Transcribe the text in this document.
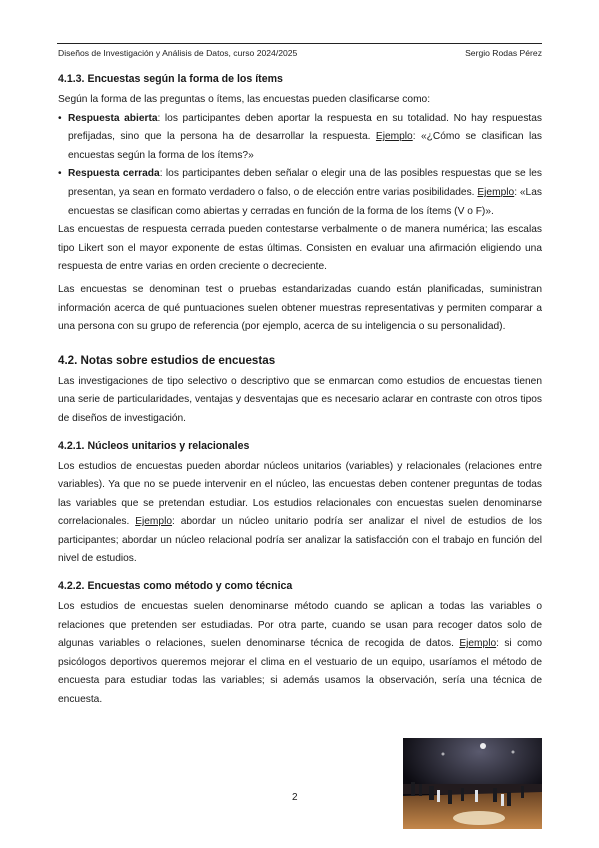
Diseños de Investigación y Análisis de Datos, curso 2024/2025	Sergio Rodas Pérez
4.1.3. Encuestas según la forma de los ítems

Según la forma de las preguntas o ítems, las encuestas pueden clasificarse como:

• Respuesta abierta: los participantes deben aportar la respuesta en su totalidad. No hay respuestas prefijadas, sino que la persona ha de desarrollar la respuesta. Ejemplo: «¿Cómo se clasifican las encuestas según la forma de los ítems?»
• Respuesta cerrada: los participantes deben señalar o elegir una de las posibles respuestas que se les presentan, ya sean en formato verdadero o falso, o de elección entre varias posibilidades. Ejemplo: «Las encuestas se clasifican como abiertas y cerradas en función de la forma de los ítems (V o F)».

Las encuestas de respuesta cerrada pueden contestarse verbalmente o de manera numérica; las escalas tipo Likert son el mayor exponente de estas últimas. Consisten en evaluar una afirmación eligiendo una respuesta de entre varias en orden creciente o decreciente.

Las encuestas se denominan test o pruebas estandarizadas cuando están planificadas, suministran información acerca de qué puntuaciones suelen obtener muestras representativas y permiten comparar a una persona con su grupo de referencia (por ejemplo, acerca de su inteligencia o su personalidad).

4.2. Notas sobre estudios de encuestas

Las investigaciones de tipo selectivo o descriptivo que se enmarcan como estudios de encuestas tienen una serie de particularidades, ventajas y desventajas que es necesario aclarar en contraste con otros tipos de diseños de investigación.

4.2.1. Núcleos unitarios y relacionales

Los estudios de encuestas pueden abordar núcleos unitarios (variables) y relacionales (relaciones entre variables). Ya que no se puede intervenir en el núcleo, las encuestas deben contener preguntas de todas las variables que se pretendan estudiar. Los estudios relacionales con encuestas suelen denominarse correlacionales. Ejemplo: abordar un núcleo unitario podría ser analizar el nivel de estudios de los participantes; abordar un núcleo relacional podría ser analizar la satisfacción con el trabajo en función del nivel de estudios.

4.2.2. Encuestas como método y como técnica

Los estudios de encuestas suelen denominarse método cuando se aplican a todas las variables o relaciones que pretenden ser estudiadas. Por otra parte, cuando se usan para recoger datos solo de algunas variables o relaciones, suelen denominarse técnica de recogida de datos. Ejemplo: si como psicólogos deportivos queremos mejorar el clima en el vestuario de un equipo, usaríamos el método de encuesta para estudiar todas las variables; si además usamos la observación, sería una técnica de encuesta.

2
